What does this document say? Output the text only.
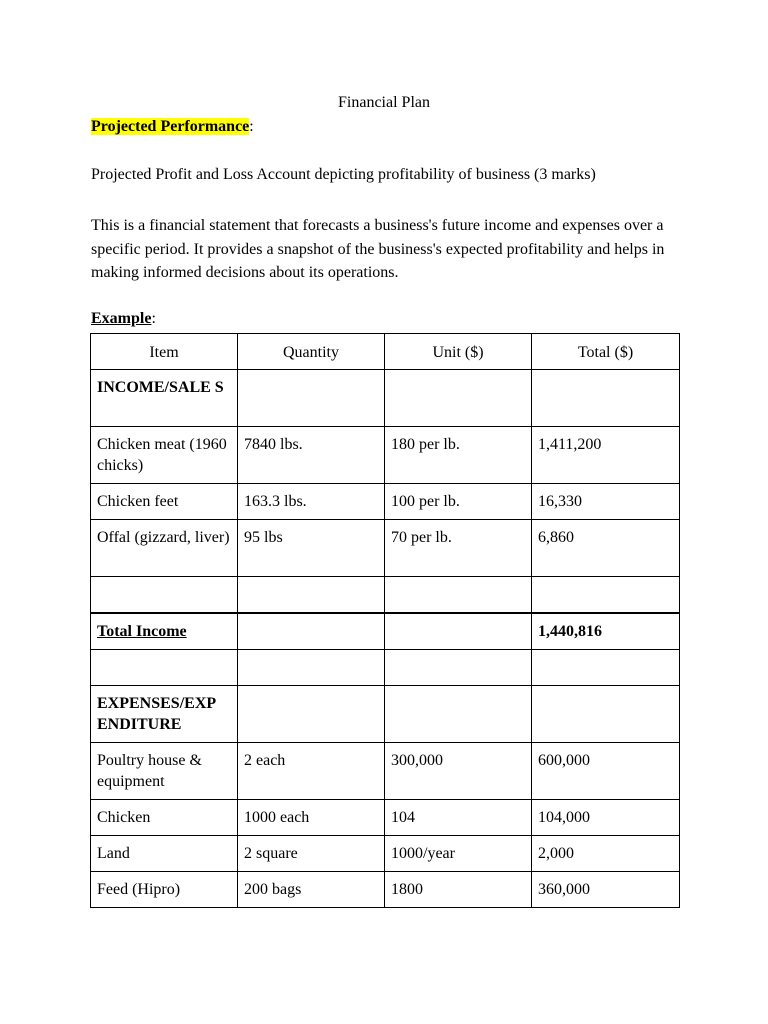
Financial Plan
Projected Performance:
Projected Profit and Loss Account depicting profitability of business (3 marks)
This is a financial statement that forecasts a business's future income and expenses over a specific period. It provides a snapshot of the business's expected profitability and helps in making informed decisions about its operations.
Example:
Item	Quantity	Unit ($)	Total ($)
INCOME/SALE S			
Chicken meat (1960 chicks)	7840 lbs.	180 per lb.	1,411,200
Chicken feet	163.3 lbs.	100 per lb.	16,330
Offal (gizzard, liver)	95 lbs	70 per lb.	6,860

Total Income			1,440,816

EXPENSES/EXP ENDITURE			
Poultry house & equipment	2 each	300,000	600,000
Chicken	1000 each	104	104,000
Land	2 square	1000/year	2,000
Feed (Hipro)	200 bags	1800	360,000
